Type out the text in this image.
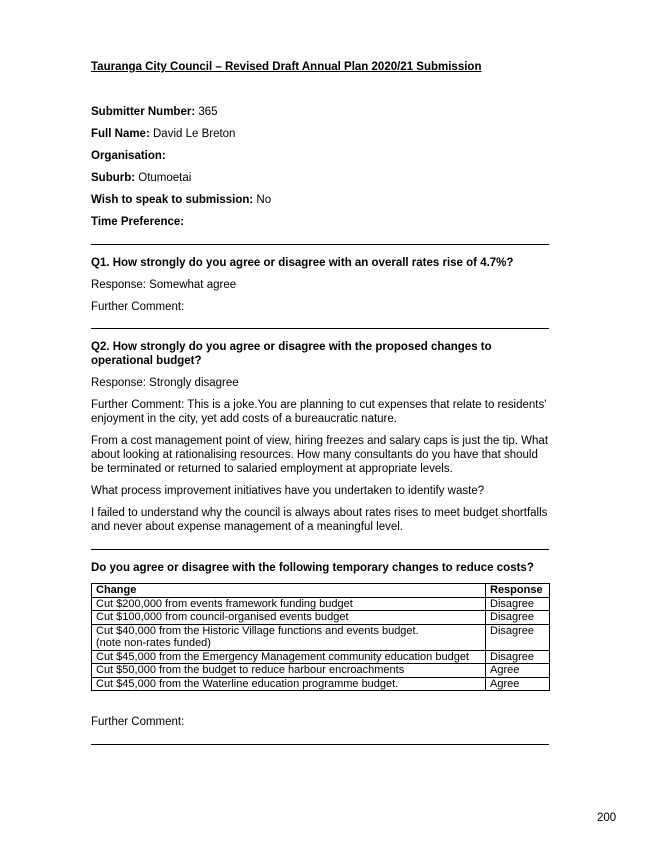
Tauranga City Council – Revised Draft Annual Plan 2020/21 Submission

Submitter Number: 365

Full Name: David Le Breton

Organisation:

Suburb: Otumoetai

Wish to speak to submission: No

Time Preference:

Q1. How strongly do you agree or disagree with an overall rates rise of 4.7%?

Response: Somewhat agree

Further Comment:

Q2. How strongly do you agree or disagree with the proposed changes to operational budget?

Response: Strongly disagree

Further Comment: This is a joke.You are planning to cut expenses that relate to residents' enjoyment in the city, yet add costs of a bureaucratic nature.

From a cost management point of view, hiring freezes and salary caps is just the tip. What about looking at rationalising resources. How many consultants do you have that should be terminated or returned to salaried employment at appropriate levels.

What process improvement initiatives have you undertaken to identify waste?

I failed to understand why the council is always about rates rises to meet budget shortfalls and never about expense management of a meaningful level.

Do you agree or disagree with the following temporary changes to reduce costs?

Change	Response
Cut $200,000 from events framework funding budget	Disagree
Cut $100,000 from council-organised events budget	Disagree
Cut $40,000 from the Historic Village functions and events budget.
(note non-rates funded)	Disagree
Cut $45,000 from the Emergency Management community education budget	Disagree
Cut $50,000 from the budget to reduce harbour encroachments	Agree
Cut $45,000 from the Waterline education programme budget.	Agree

Further Comment:

200
